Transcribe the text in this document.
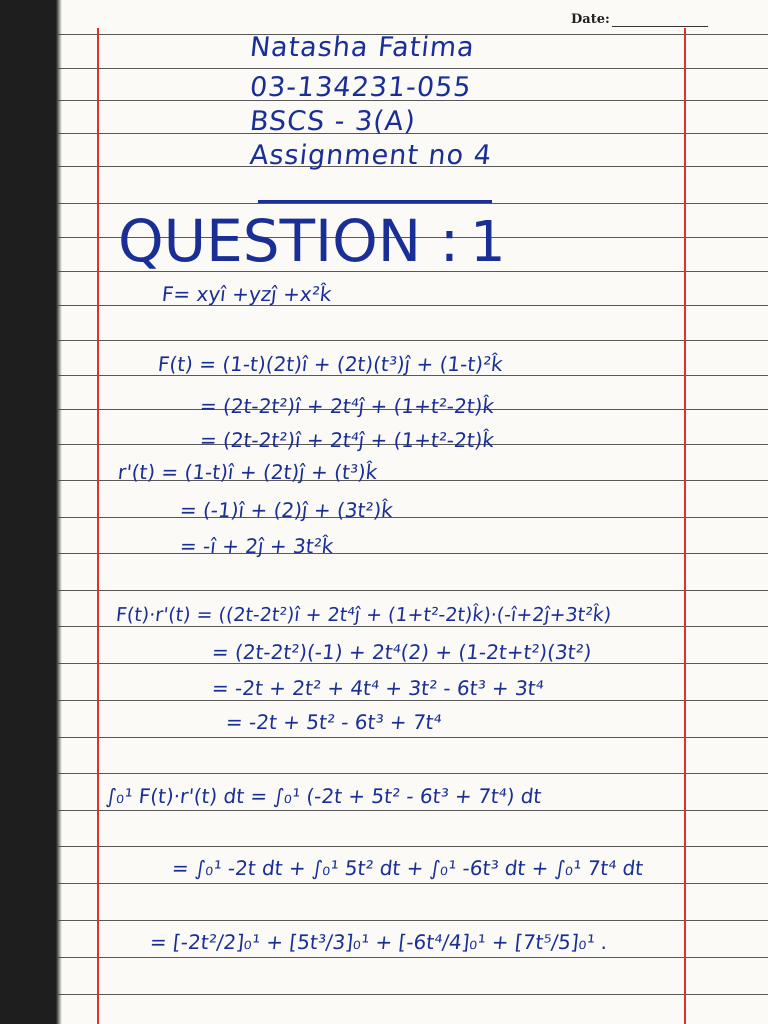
Date:
Natasha Fatima
03-134231-055
BSCS - 3(A)
Assignment no 4
QUESTION : 1
F= xyî +yzĵ +x²k̂
F(t) = (1-t)(2t)î + (2t)(t³)ĵ + (1-t)²k̂
= (2t-2t²)î + 2t⁴ĵ + (1+t²-2t)k̂
= (2t-2t²)î + 2t⁴ĵ + (1+t²-2t)k̂
r'(t) = (1-t)î + (2t)ĵ + (t³)k̂
= (-1)î + (2)ĵ + (3t²)k̂
= -î + 2ĵ + 3t²k̂
F(t)·r'(t) = ((2t-2t²)î + 2t⁴ĵ + (1+t²-2t)k̂)·(-î+2ĵ+3t²k̂)
= (2t-2t²)(-1) + 2t⁴(2) + (1-2t+t²)(3t²)
= -2t + 2t² + 4t⁴ + 3t² - 6t³ + 3t⁴
= -2t + 5t² - 6t³ + 7t⁴
∫₀¹ F(t)·r'(t) dt = ∫₀¹ (-2t + 5t² - 6t³ + 7t⁴) dt
= ∫₀¹ -2t dt + ∫₀¹ 5t² dt + ∫₀¹ -6t³ dt + ∫₀¹ 7t⁴ dt
= [-2t²/2]₀¹ + [5t³/3]₀¹ + [-6t⁴/4]₀¹ + [7t⁵/5]₀¹ .
